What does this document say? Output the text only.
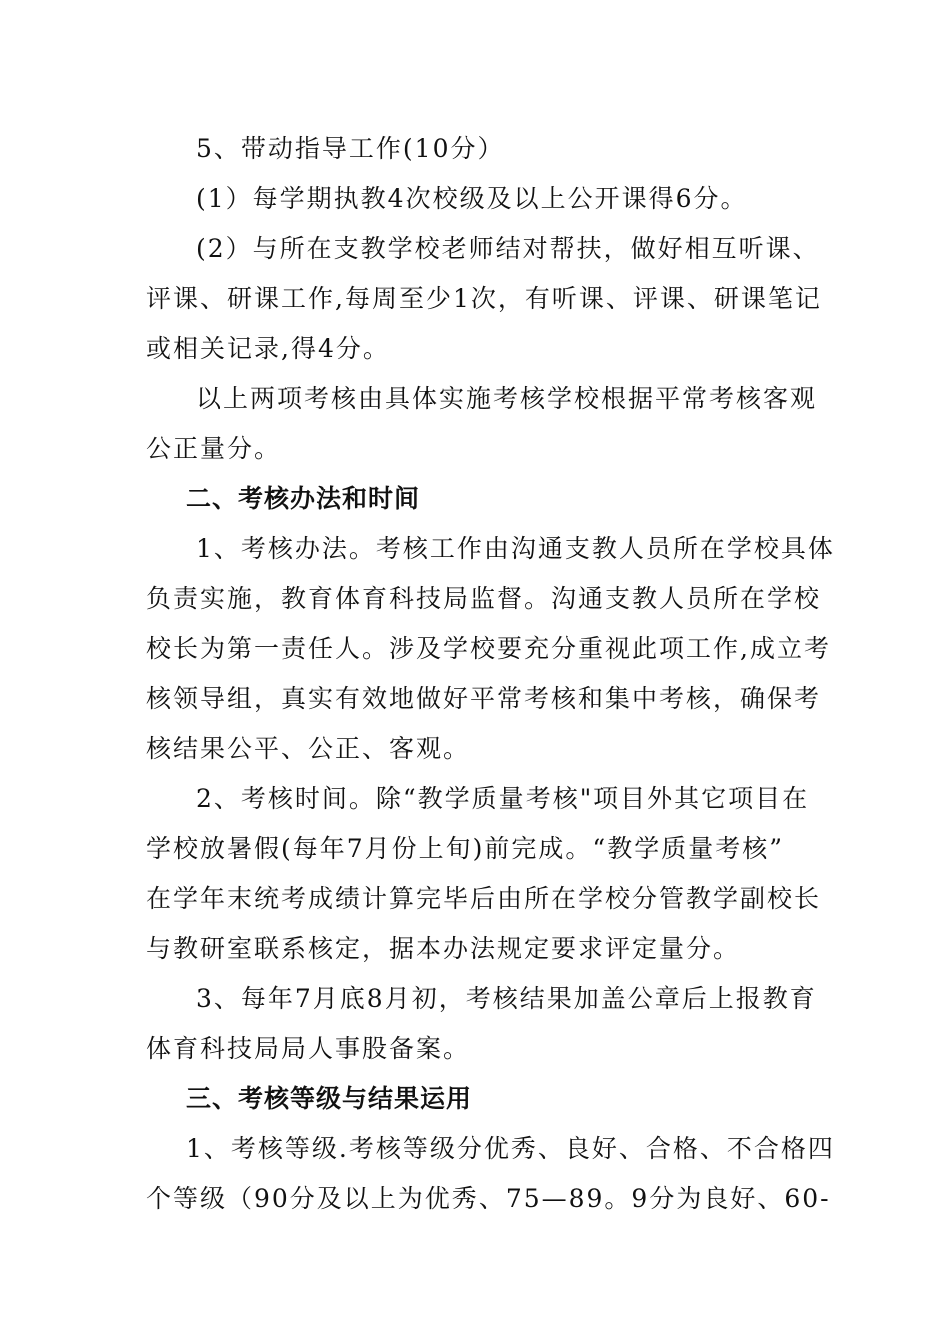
5、带动指导工作(10分）
(1）每学期执教4次校级及以上公开课得6分。
(2）与所在支教学校老师结对帮扶，做好相互听课、
评课、研课工作,每周至少1次，有听课、评课、研课笔记
或相关记录,得4分。
以上两项考核由具体实施考核学校根据平常考核客观
公正量分。
二、考核办法和时间
1、考核办法。考核工作由沟通支教人员所在学校具体
负责实施，教育体育科技局监督。沟通支教人员所在学校
校长为第一责任人。涉及学校要充分重视此项工作,成立考
核领导组，真实有效地做好平常考核和集中考核，确保考
核结果公平、公正、客观。
2、考核时间。除“教学质量考核"项目外其它项目在
学校放暑假(每年7月份上旬)前完成。“教学质量考核”
在学年末统考成绩计算完毕后由所在学校分管教学副校长
与教研室联系核定，据本办法规定要求评定量分。
3、每年7月底8月初，考核结果加盖公章后上报教育
体育科技局局人事股备案。
三、考核等级与结果运用
1、考核等级.考核等级分优秀、良好、合格、不合格四
个等级（90分及以上为优秀、75—89。9分为良好、60-
